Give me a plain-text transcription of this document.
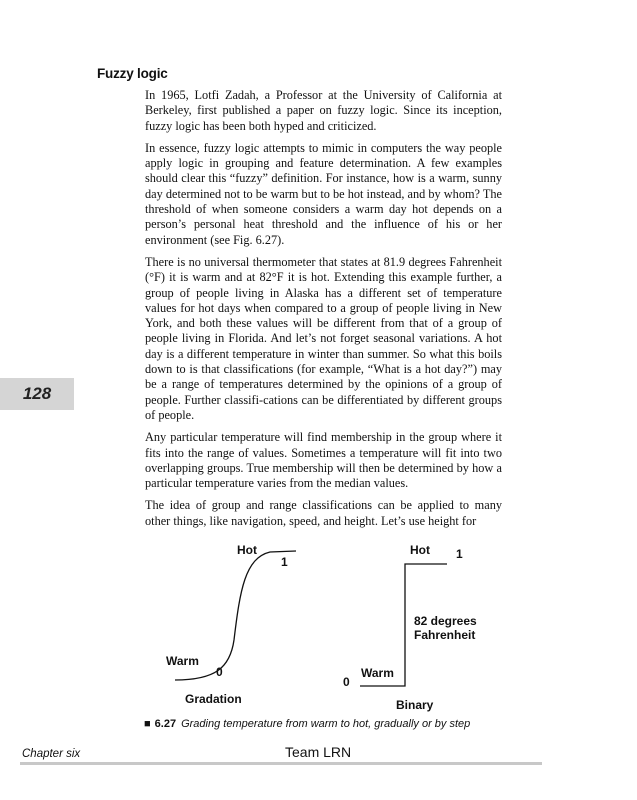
Fuzzy logic

In 1965, Lotfi Zadah, a Professor at the University of California at Berkeley, first published a paper on fuzzy logic. Since its inception, fuzzy logic has been both hyped and criticized.

In essence, fuzzy logic attempts to mimic in computers the way people apply logic in grouping and feature determination. A few examples should clear this “fuzzy” definition. For instance, how is a warm, sunny day determined not to be warm but to be hot instead, and by whom? The threshold of when someone considers a warm day hot depends on a person’s personal heat threshold and the influence of his or her environment (see Fig. 6.27).

There is no universal thermometer that states at 81.9 degrees Fahrenheit (°F) it is warm and at 82°F it is hot. Extending this example further, a group of people living in Alaska has a different set of temperature values for hot days when compared to a group of people living in New York, and both these values will be different from that of a group of people living in Florida. And let’s not forget seasonal variations. A hot day is a different temperature in winter than summer. So what this boils down to is that classifications (for example, “What is a hot day?”) may be a range of temperatures determined by the opinions of a group of people. Further classifi-cations can be differentiated by different groups of people.

Any particular temperature will find membership in the group where it fits into the range of values. Sometimes a temperature will fit into two overlapping groups. True membership will then be determined by how a particular temperature varies from the median values.

The idea of group and range classifications can be applied to many other things, like navigation, speed, and height. Let’s use height for

128
Hot
1
Warm
0
Gradation
Hot 1
82 degrees
Fahrenheit
Warm
0
Binary
■ 6.27 Grading temperature from warm to hot, gradually or by step
Chapter six	Team LRN
